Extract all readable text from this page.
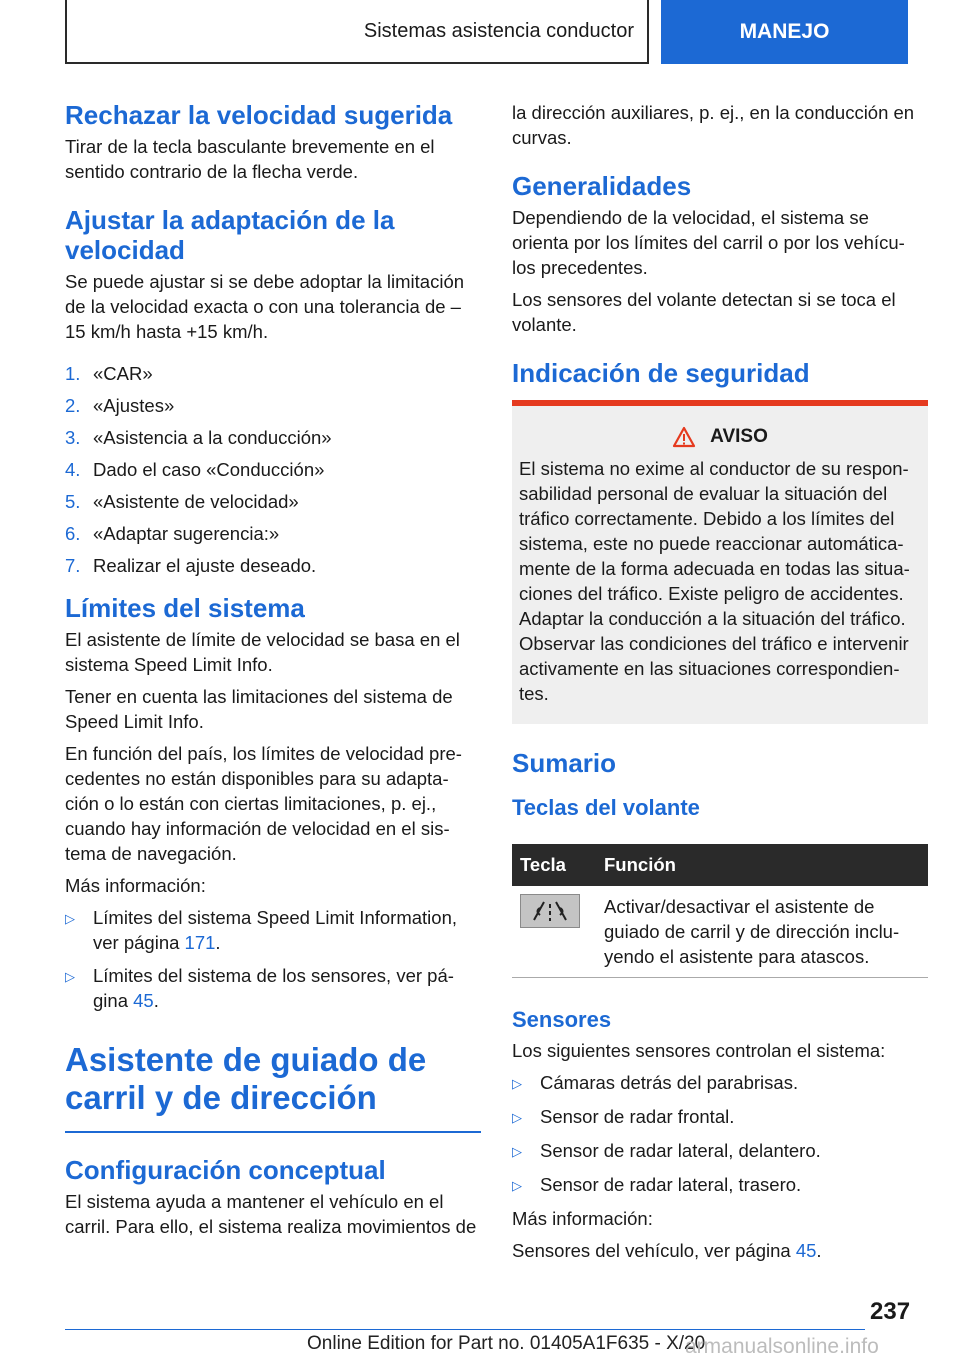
Sistemas asistencia conductor	MANEJO
Rechazar la velocidad sugerida

Tirar de la tecla basculante brevemente en el sentido contrario de la flecha verde.

Ajustar la adaptación de la velocidad

Se puede ajustar si se debe adoptar la limitación de la velocidad exacta o con una tolerancia de –15 km/h hasta +15 km/h.

1. «CAR»
2. «Ajustes»
3. «Asistencia a la conducción»
4. Dado el caso «Conducción»
5. «Asistente de velocidad»
6. «Adaptar sugerencia:»
7. Realizar el ajuste deseado.
Límites del sistema

El asistente de límite de velocidad se basa en el sistema Speed Limit Info.

Tener en cuenta las limitaciones del sistema de Speed Limit Info.

En función del país, los límites de velocidad pre-cedentes no están disponibles para su adapta-ción o lo están con ciertas limitaciones, p. ej., cuando hay información de velocidad en el sis-tema de navegación.

Más información:

▷ Límites del sistema Speed Limit Information, ver página 171.
▷ Límites del sistema de los sensores, ver pá-gina 45.
Asistente de guiado de carril y de dirección
Configuración conceptual

El sistema ayuda a mantener el vehículo en el carril. Para ello, el sistema realiza movimientos de

la dirección auxiliares, p. ej., en la conducción en curvas.

Generalidades

Dependiendo de la velocidad, el sistema se orienta por los límites del carril o por los vehícu-los precedentes.

Los sensores del volante detectan si se toca el volante.

Indicación de seguridad
AVISO

El sistema no exime al conductor de su respon-sabilidad personal de evaluar la situación del tráfico correctamente. Debido a los límites del sistema, este no puede reaccionar automática-mente de la forma adecuada en todas las situa-ciones del tráfico. Existe peligro de accidentes. Adaptar la conducción a la situación del tráfico. Observar las condiciones del tráfico e intervenir activamente en las situaciones correspondien-tes.

Sumario
Teclas del volante
Tecla	Función

	Activar/desactivar el asistente de guiado de carril y de dirección inclu-yendo el asistente para atascos.
Sensores

Los siguientes sensores controlan el sistema:

▷ Cámaras detrás del parabrisas.
▷ Sensor de radar frontal.
▷ Sensor de radar lateral, delantero.
▷ Sensor de radar lateral, trasero.

Más información:

Sensores del vehículo, ver página 45.

237
Online Edition for Part no. 01405A1F635 - X/20
armanualsonline.info
